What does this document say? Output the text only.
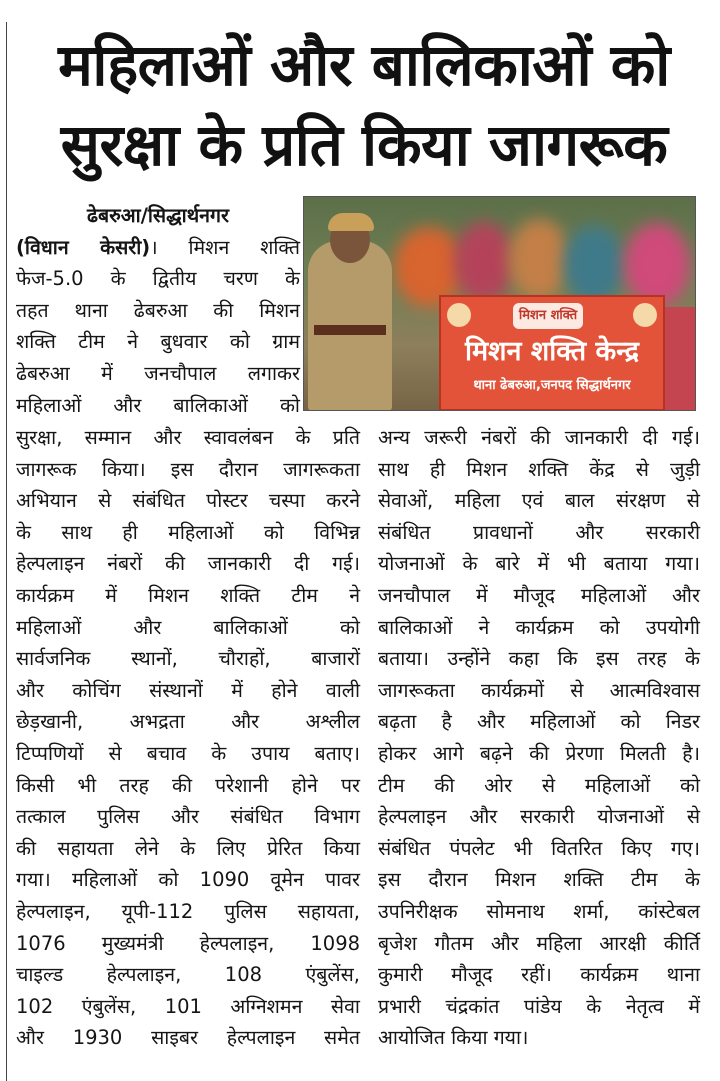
महिलाओं और बालिकाओं को
सुरक्षा के प्रति किया जागरूक
ढेबरुआ/सिद्धार्थनगर
(विधान केसरी)। मिशन शक्ति
फेज-5.0 के द्वितीय चरण के
तहत थाना ढेबरुआ की मिशन
शक्ति टीम ने बुधवार को ग्राम
ढेबरुआ में जनचौपाल लगाकर
महिलाओं और बालिकाओं को
मिशन शक्ति
मिशन शक्ति केन्द्र
थाना ढेबरुआ,जनपद सिद्धार्थनगर
सुरक्षा, सम्मान और स्वावलंबन के प्रति
जागरूक किया। इस दौरान जागरूकता
अभियान से संबंधित पोस्टर चस्पा करने
के साथ ही महिलाओं को विभिन्न
हेल्पलाइन नंबरों की जानकारी दी गई।
कार्यक्रम में मिशन शक्ति टीम ने
महिलाओं और बालिकाओं को
सार्वजनिक स्थानों, चौराहों, बाजारों
और कोचिंग संस्थानों में होने वाली
छेड़खानी, अभद्रता और अश्लील
टिप्पणियों से बचाव के उपाय बताए।
किसी भी तरह की परेशानी होने पर
तत्काल पुलिस और संबंधित विभाग
की सहायता लेने के लिए प्रेरित किया
गया। महिलाओं को 1090 वूमेन पावर
हेल्पलाइन, यूपी-112 पुलिस सहायता,
1076 मुख्यमंत्री हेल्पलाइन, 1098
चाइल्ड हेल्पलाइन, 108 एंबुलेंस,
102 एंबुलेंस, 101 अग्निशमन सेवा
और 1930 साइबर हेल्पलाइन समेत
अन्य जरूरी नंबरों की जानकारी दी गई।
साथ ही मिशन शक्ति केंद्र से जुड़ी
सेवाओं, महिला एवं बाल संरक्षण से
संबंधित प्रावधानों और सरकारी
योजनाओं के बारे में भी बताया गया।
जनचौपाल में मौजूद महिलाओं और
बालिकाओं ने कार्यक्रम को उपयोगी
बताया। उन्होंने कहा कि इस तरह के
जागरूकता कार्यक्रमों से आत्मविश्वास
बढ़ता है और महिलाओं को निडर
होकर आगे बढ़ने की प्रेरणा मिलती है।
टीम की ओर से महिलाओं को
हेल्पलाइन और सरकारी योजनाओं से
संबंधित पंपलेट भी वितरित किए गए।
इस दौरान मिशन शक्ति टीम के
उपनिरीक्षक सोमनाथ शर्मा, कांस्टेबल
बृजेश गौतम और महिला आरक्षी कीर्ति
कुमारी मौजूद रहीं। कार्यक्रम थाना
प्रभारी चंद्रकांत पांडेय के नेतृत्व में
आयोजित किया गया।
